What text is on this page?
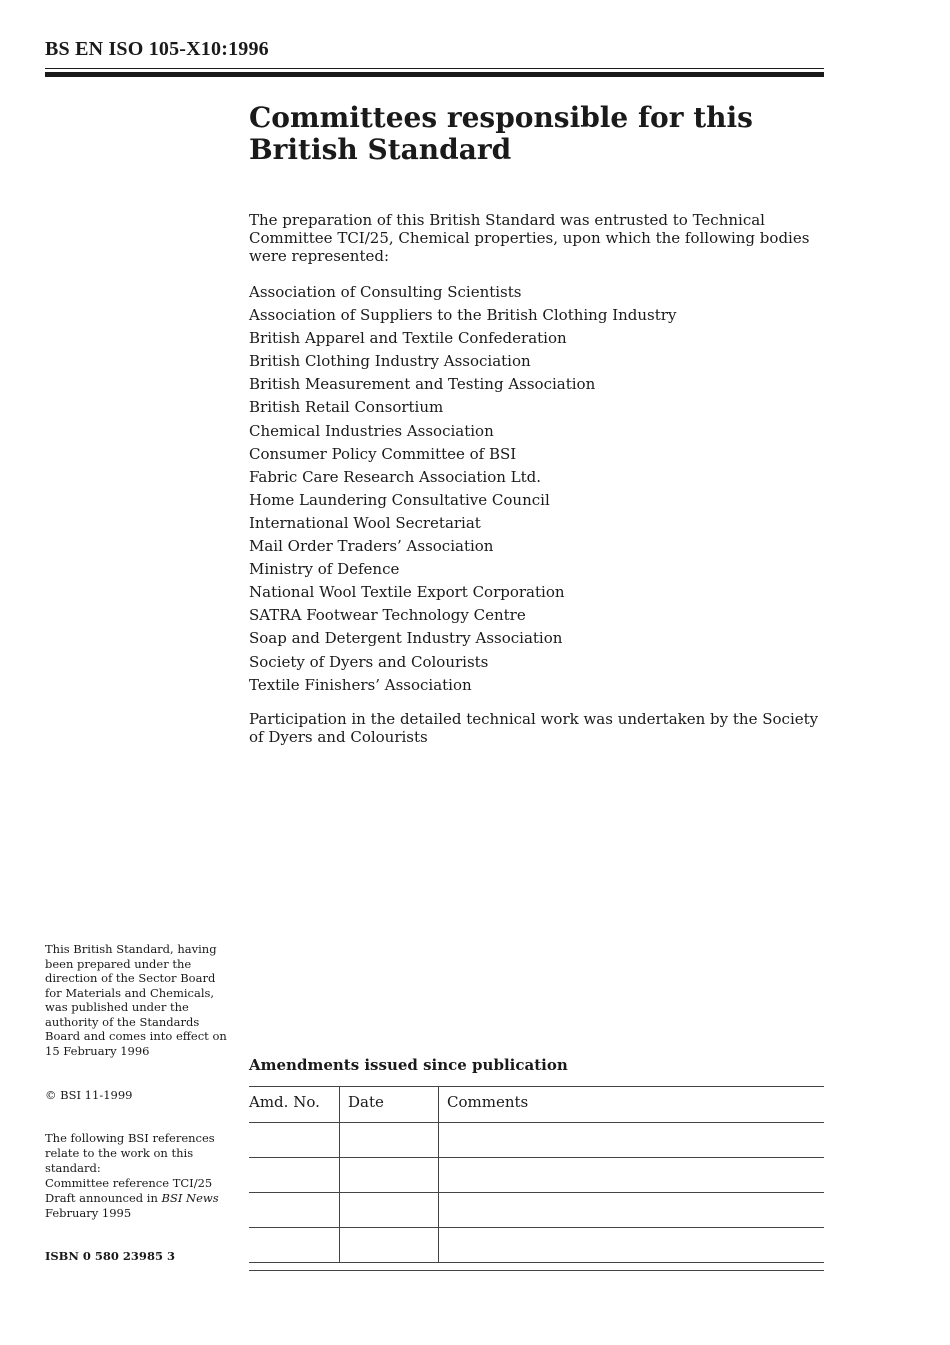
BS EN ISO 105-X10:1996
Committees responsible for this British Standard

The preparation of this British Standard was entrusted to Technical Committee TCI/25, Chemical properties, upon which the following bodies were represented:

Association of Consulting Scientists
Association of Suppliers to the British Clothing Industry
British Apparel and Textile Confederation
British Clothing Industry Association
British Measurement and Testing Association
British Retail Consortium
Chemical Industries Association
Consumer Policy Committee of BSI
Fabric Care Research Association Ltd.
Home Laundering Consultative Council
International Wool Secretariat
Mail Order Traders’ Association
Ministry of Defence
National Wool Textile Export Corporation
SATRA Footwear Technology Centre
Soap and Detergent Industry Association
Society of Dyers and Colourists
Textile Finishers’ Association

Participation in the detailed technical work was undertaken by the Society of Dyers and Colourists

This British Standard, having been prepared under the direction of the Sector Board for Materials and Chemicals, was published under the authority of the Standards Board and comes into effect on 15 February 1996

© BSI 11-1999

The following BSI references relate to the work on this standard:
Committee reference TCI/25
Draft announced in BSI News
February 1995

ISBN 0 580 23985 3

Amendments issued since publication

Amd. No.	Date	Comments
